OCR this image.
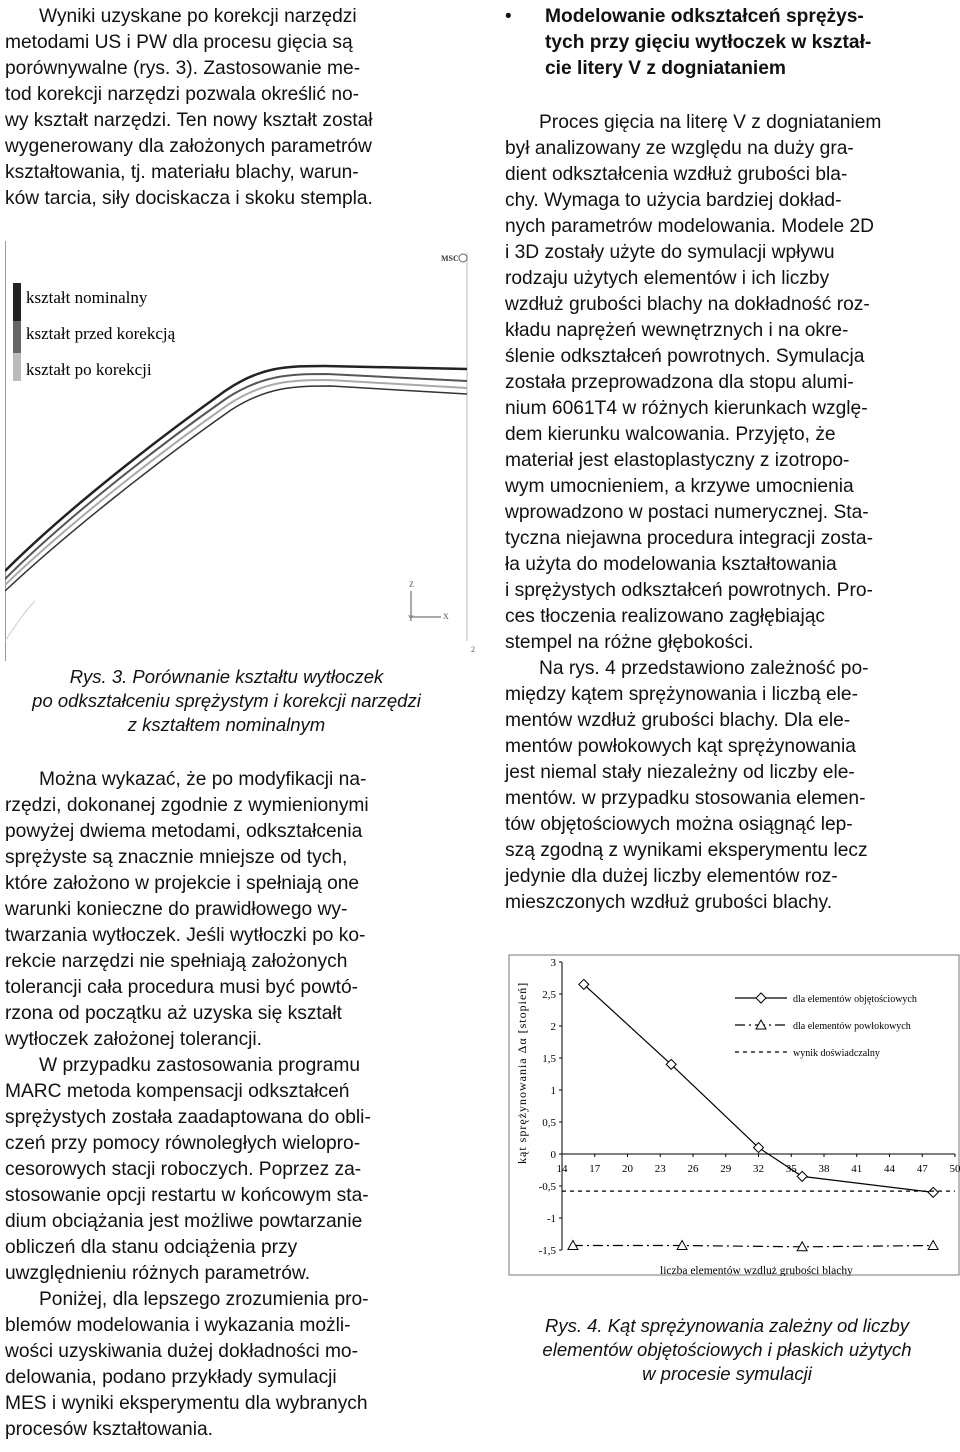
Wyniki uzyskane po korekcji narzędzi
metodami US i PW dla procesu gięcia są
porównywalne (rys. 3). Zastosowanie me-
tod korekcji narzędzi pozwala określić no-
wy kształt narzędzi. Ten nowy kształt został
wygenerowany dla założonych parametrów
kształtowania, tj. materiału blachy, warun-
ków tarcia, siły dociskacza i skoku stempla.
kształt nominalny
kształt przed korekcją
kształt po korekcji
MSC
Z
Y	X
2

Rys. 3. Porównanie kształtu wytłoczek

po odkształceniu sprężystym i korekcji narzędzi

z kształtem nominalnym

Można wykazać, że po modyfikacji na-
rzędzi, dokonanej zgodnie z wymienionymi
powyżej dwiema metodami, odkształcenia
sprężyste są znacznie mniejsze od tych,
które założono w projekcie i spełniają one
warunki konieczne do prawidłowego wy-
twarzania wytłoczek. Jeśli wytłoczki po ko-
rekcie narzędzi nie spełniają założonych
tolerancji cała procedura musi być powtó-
rzona od początku aż uzyska się kształt
wytłoczek założonej tolerancji.
W przypadku zastosowania programu
MARC metoda kompensacji odkształceń
sprężystych została zaadaptowana do obli-
czeń przy pomocy równoległych wielopro-
cesorowych stacji roboczych. Poprzez za-
stosowanie opcji restartu w końcowym sta-
dium obciążania jest możliwe powtarzanie
obliczeń dla stanu odciążenia przy
uwzględnieniu różnych parametrów.
Poniżej, dla lepszego zrozumienia pro-
blemów modelowania i wykazania możli-
wości uzyskiwania dużej dokładności mo-
delowania, podano przykłady symulacji
MES i wyniki eksperymentu dla wybranych
procesów kształtowania.
•	Modelowanie odkształceń sprężys-

tych przy gięciu wytłoczek w kształ-

cie litery V z dogniataniem

Proces gięcia na literę V z dogniataniem
był analizowany ze względu na duży gra-
dient odkształcenia wzdłuż grubości bla-
chy. Wymaga to użycia bardziej dokład-
nych parametrów modelowania. Modele 2D
i 3D zostały użyte do symulacji wpływu
rodzaju użytych elementów i ich liczby
wzdłuż grubości blachy na dokładność roz-
kładu naprężeń wewnętrznych i na okre-
ślenie odkształceń powrotnych. Symulacja
została przeprowadzona dla stopu alumi-
nium 6061T4 w różnych kierunkach wzglę-
dem kierunku walcowania. Przyjęto, że
materiał jest elastoplastyczny z izotropo-
wym umocnieniem, a krzywe umocnienia
wprowadzono w postaci numerycznej. Sta-
tyczna niejawna procedura integracji zosta-
ła użyta do modelowania kształtowania
i sprężystych odkształceń powrotnych. Pro-
ces tłoczenia realizowano zagłębiając
stempel na różne głębokości.
Na rys. 4 przedstawiono zależność po-
między kątem sprężynowania i liczbą ele-
mentów wzdłuż grubości blachy. Dla ele-
mentów powłokowych kąt sprężynowania
jest niemal stały niezależny od liczby ele-
mentów. w przypadku stosowania elemen-
tów objętościowych można osiągnąć lep-
szą zgodną z wynikami eksperymentu lecz
jedynie dla dużej liczby elementów roz-
mieszczonych wzdłuż grubości blachy.
3
2,5
2
1,5
1
0,5
0
-0,5
-1
-1,5
14 17 20 23 26 29 32 35 38 41 44 47 50
dla elementów objętościowych
dla elementów powłokowych
wynik doświadczalny
kąt sprężynowania Δα [stopień]
liczba elementów wzdluż grubości blachy

Rys. 4. Kąt sprężynowania zależny od liczby

elementów objętościowych i płaskich użytych

w procesie symulacji
